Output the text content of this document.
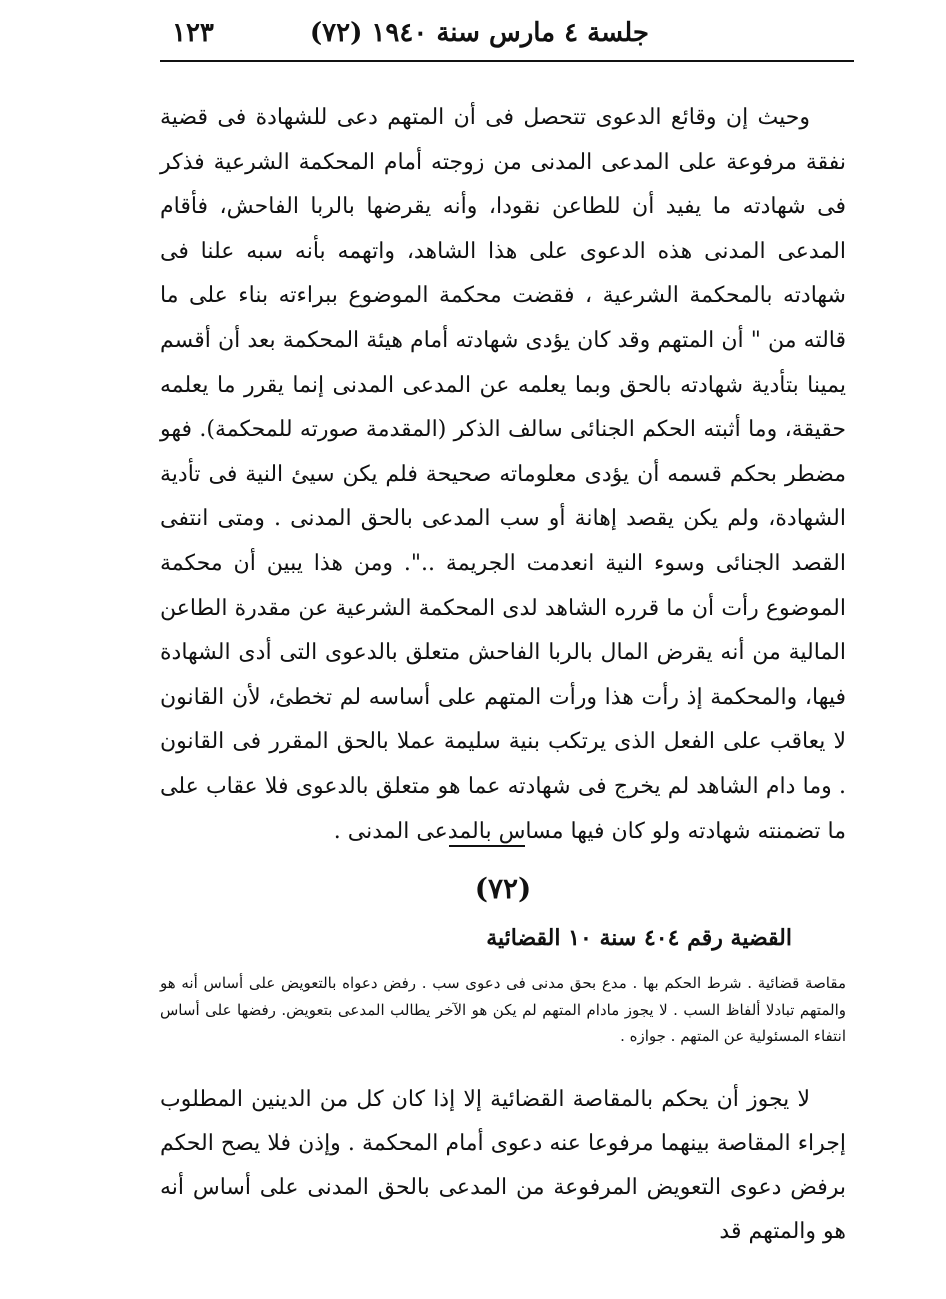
جلسة ٤ مارس سنة ١٩٤٠ (٧٢)
١٢٣

وحيث إن وقائع الدعوى تتحصل فى أن المتهم دعى للشهادة فى قضية نفقة مرفوعة على المدعى المدنى من زوجته أمام المحكمة الشرعية فذكر فى شهادته ما يفيد أن للطاعن نقودا، وأنه يقرضها بالربا الفاحش، فأقام المدعى المدنى هذه الدعوى على هذا الشاهد، واتهمه بأنه سبه علنا فى شهادته بالمحكمة الشرعية ، فقضت محكمة الموضوع ببراءته بناء على ما قالته من " أن المتهم وقد كان يؤدى شهادته أمام هيئة المحكمة بعد أن أقسم يمينا بتأدية شهادته بالحق وبما يعلمه عن المدعى المدنى إنما يقرر ما يعلمه حقيقة، وما أثبته الحكم الجنائى سالف الذكر (المقدمة صورته للمحكمة). فهو مضطر بحكم قسمه أن يؤدى معلوماته صحيحة فلم يكن سيئ النية فى تأدية الشهادة، ولم يكن يقصد إهانة أو سب المدعى بالحق المدنى . ومتى انتفى القصد الجنائى وسوء النية انعدمت الجريمة ..". ومن هذا يبين أن محكمة الموضوع رأت أن ما قرره الشاهد لدى المحكمة الشرعية عن مقدرة الطاعن المالية من أنه يقرض المال بالربا الفاحش متعلق بالدعوى التى أدى الشهادة فيها، والمحكمة إذ رأت هذا ورأت المتهم على أساسه لم تخطئ، لأن القانون لا يعاقب على الفعل الذى يرتكب بنية سليمة عملا بالحق المقرر فى القانون . وما دام الشاهد لم يخرج فى شهادته عما هو متعلق بالدعوى فلا عقاب على ما تضمنته شهادته ولو كان فيها مساس بالمدعى المدنى .

(٧٢)
القضية رقم ٤٠٤ سنة ١٠ القضائية

مقاصة قضائية . شرط الحكم بها . مدع بحق مدنى فى دعوى سب . رفض دعواه بالتعويض على أساس أنه هو والمتهم تبادلا ألفاظ السب . لا يجوز مادام المتهم لم يكن هو الآخر يطالب المدعى بتعويض. رفضها على أساس انتفاء المسئولية عن المتهم . جوازه .

لا يجوز أن يحكم بالمقاصة القضائية إلا إذا كان كل من الدينين المطلوب إجراء المقاصة بينهما مرفوعا عنه دعوى أمام المحكمة . وإذن فلا يصح الحكم برفض دعوى التعويض المرفوعة من المدعى بالحق المدنى على أساس أنه هو والمتهم قد
